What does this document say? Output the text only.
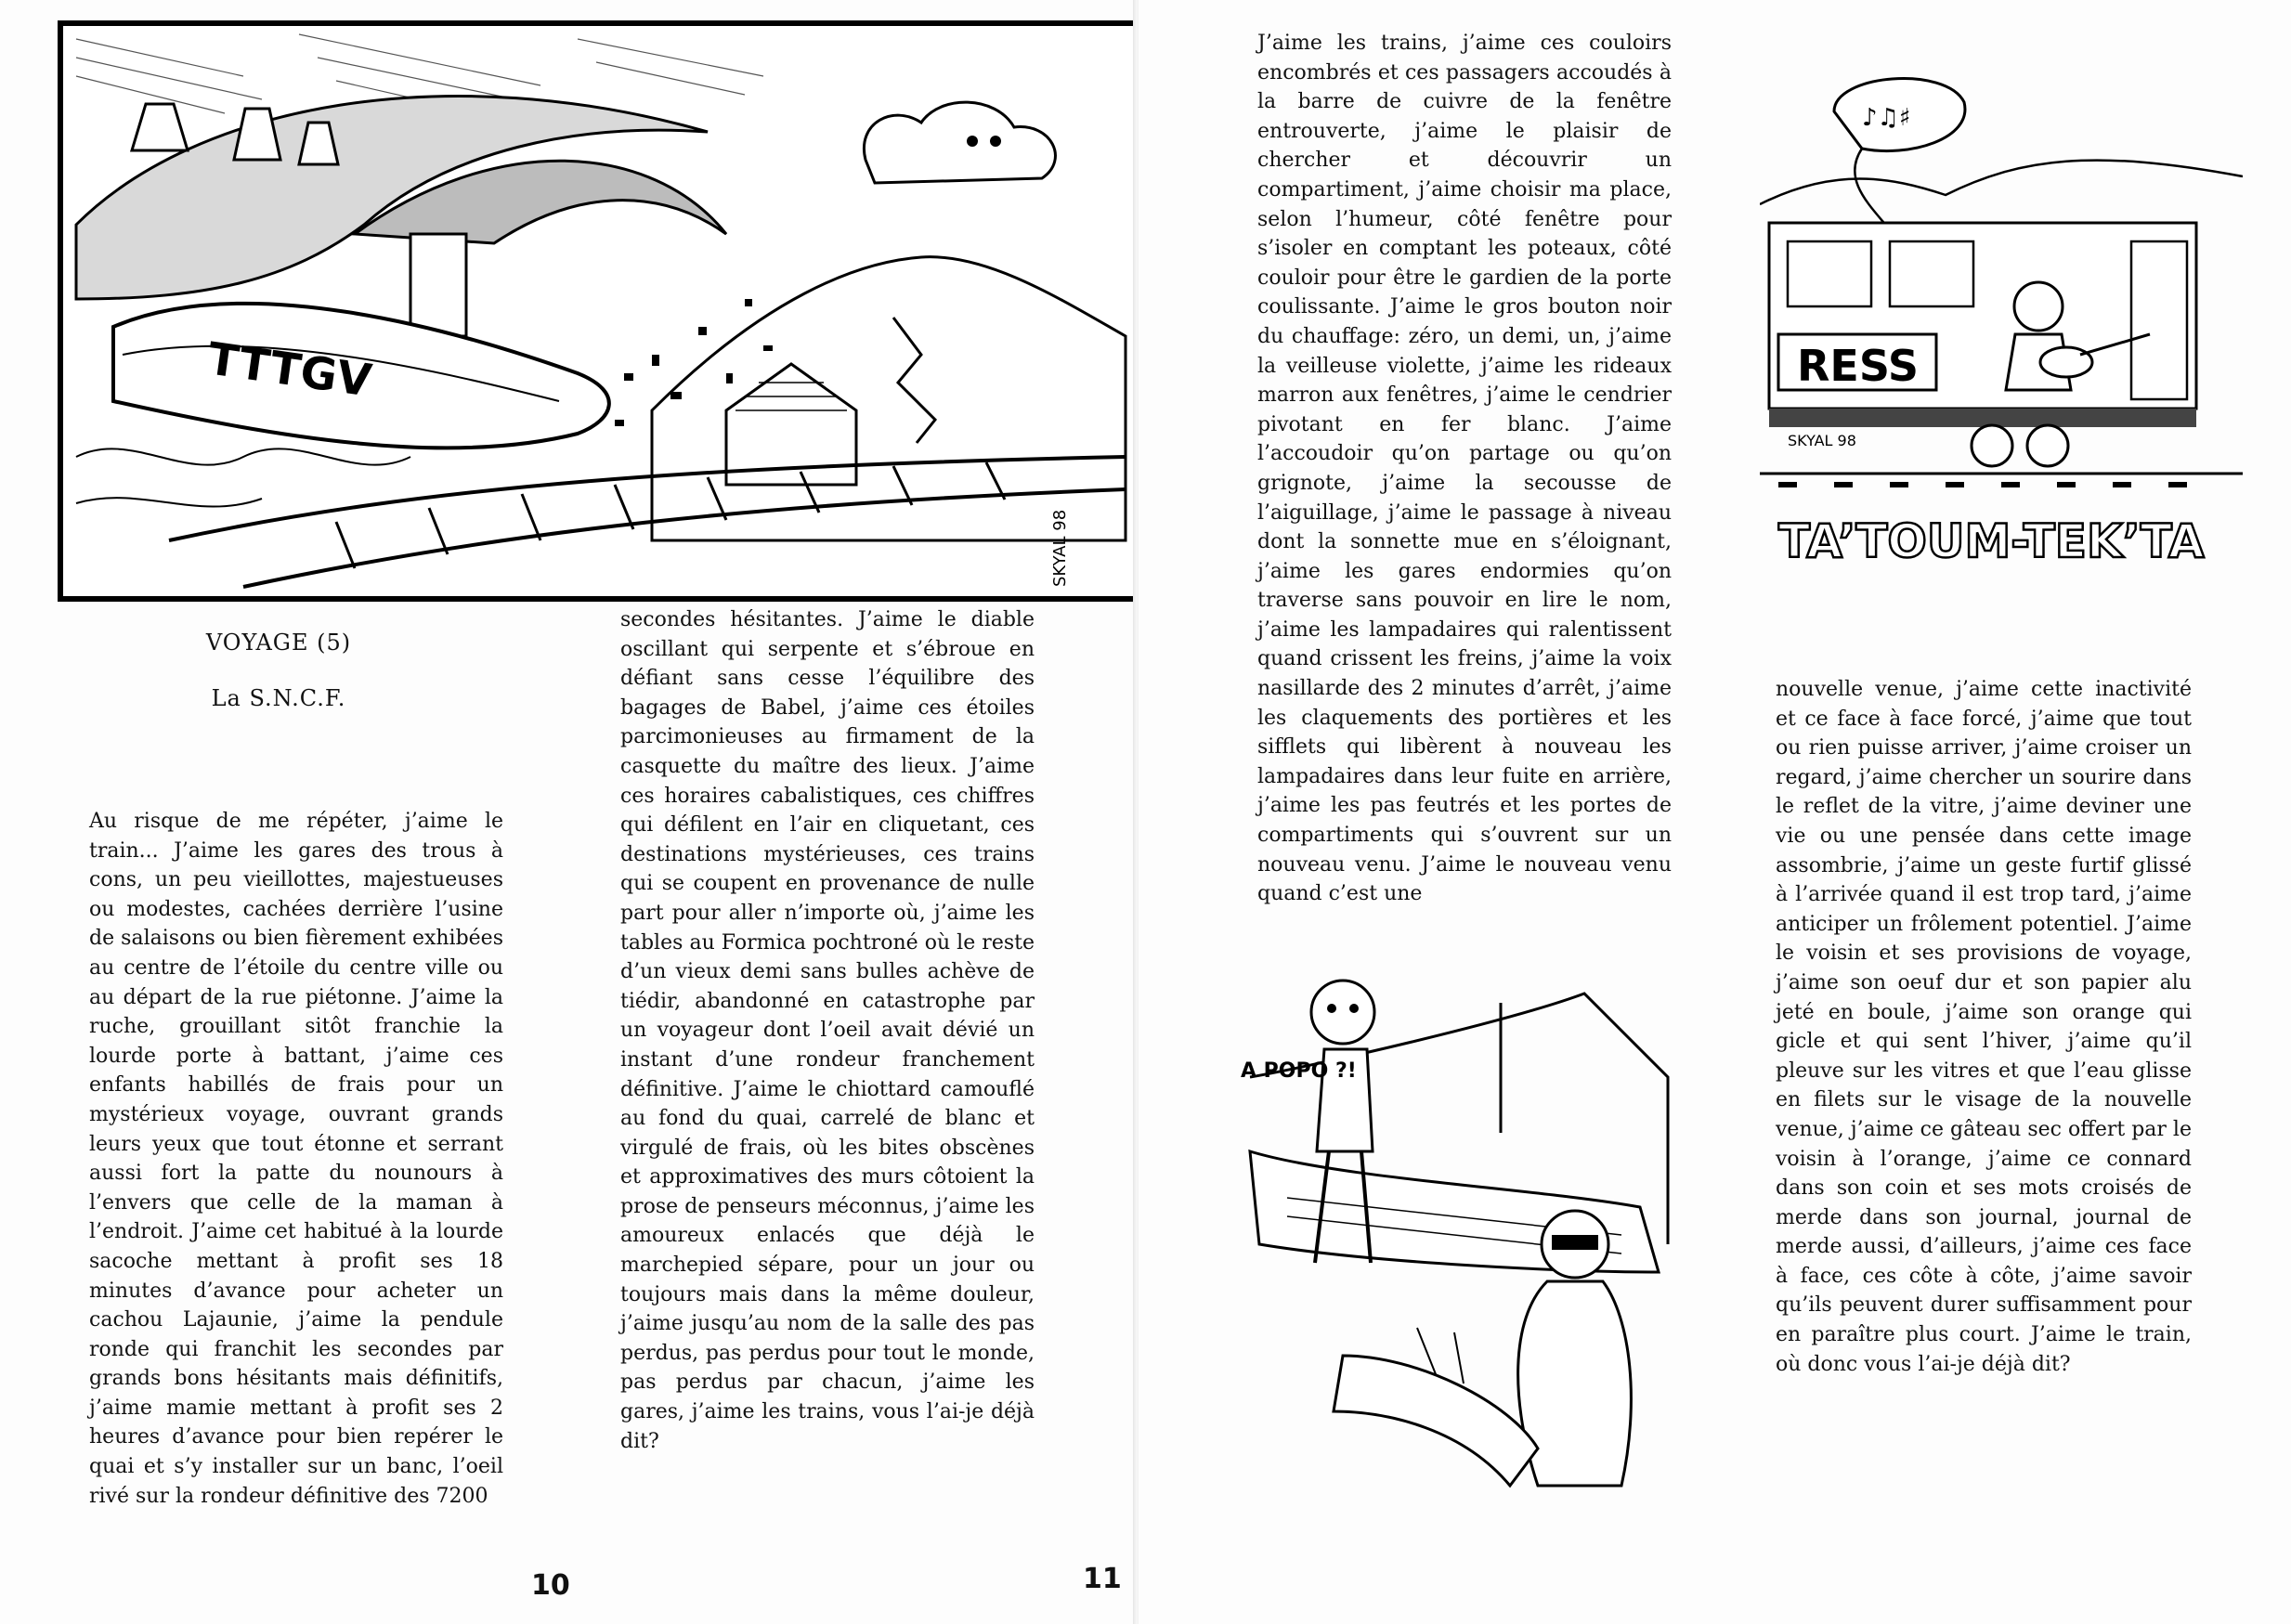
TTTGV
SKYAL 98
VOYAGE (5)
La S.N.C.F.

Au risque de me répéter, j’aime le train... J’aime les gares des trous à cons, un peu vieillottes, majestueuses ou modestes, cachées derrière l’usine de salaisons ou bien fièrement exhibées au centre de l’étoile du centre ville ou au départ de la rue piétonne. J’aime la ruche, grouillant sitôt franchie la lourde porte à battant, j’aime ces enfants habillés de frais pour un mystérieux voyage, ouvrant grands leurs yeux que tout étonne et serrant aussi fort la patte du nounours à l’envers que celle de la maman à l’endroit. J’aime cet habitué à la lourde sacoche mettant à profit ses 18 minutes d’avance pour acheter un cachou Lajaunie, j’aime la pendule ronde qui franchit les secondes par grands bons hésitants mais définitifs, j’aime mamie mettant à profit ses 2 heures d’avance pour bien repérer le quai et s’y installer sur un banc, l’oeil rivé sur la rondeur définitive des 7200

secondes hésitantes. J’aime le diable oscillant qui serpente et s’ébroue en défiant sans cesse l’équilibre des bagages de Babel, j’aime ces étoiles parcimonieuses au firmament de la casquette du maître des lieux. J’aime ces horaires cabalistiques, ces chiffres qui défilent en l’air en cliquetant, ces destinations mystérieuses, ces trains qui se coupent en provenance de nulle part pour aller n’importe où, j’aime les tables au Formica pochtroné où le reste d’un vieux demi sans bulles achève de tiédir, abandonné en catastrophe par un voyageur dont l’oeil avait dévié un instant d’une rondeur franchement définitive. J’aime le chiottard camouflé au fond du quai, carrelé de blanc et virgulé de frais, où les bites obscènes et approximatives des murs côtoient la prose de penseurs méconnus, j’aime les amoureux enlacés que déjà le marchepied sépare, pour un jour ou toujours mais dans la même douleur, j’aime jusqu’au nom de la salle des pas perdus, pas perdus pour tout le monde, pas perdus par chacun, j’aime les gares, j’aime les trains, vous l’ai-je déjà dit?

10

J’aime les trains, j’aime ces couloirs encombrés et ces passagers accoudés à la barre de cuivre de la fenêtre entrouverte, j’aime le plaisir de chercher et découvrir un compartiment, j’aime choisir ma place, selon l’humeur, côté fenêtre pour s’isoler en comptant les poteaux, côté couloir pour être le gardien de la porte coulissante. J’aime le gros bouton noir du chauffage: zéro, un demi, un, j’aime la veilleuse violette, j’aime les rideaux marron aux fenêtres, j’aime le cendrier pivotant en fer blanc. J’aime l’accoudoir qu’on partage ou qu’on grignote, j’aime la secousse de l’aiguillage, j’aime le passage à niveau dont la sonnette mue en s’éloignant, j’aime les gares endormies qu’on traverse sans pouvoir en lire le nom, j’aime les lampadaires qui ralentissent quand crissent les freins, j’aime la voix nasillarde des 2 minutes d’arrêt, j’aime les claquements des portières et les sifflets qui libèrent à nouveau les lampadaires dans leur fuite en arrière, j’aime les pas feutrés et les portes de compartiments qui s’ouvrent sur un nouveau venu. J’aime le nouveau venu quand c’est une

♪♫♯
RESS
SKYAL 98
TA’TOUM-TEK’TA

nouvelle venue, j’aime cette inactivité et ce face à face forcé, j’aime que tout ou rien puisse arriver, j’aime croiser un regard, j’aime chercher un sourire dans le reflet de la vitre, j’aime deviner une vie ou une pensée dans cette image assombrie, j’aime un geste furtif glissé à l’arrivée quand il est trop tard, j’aime anticiper un frôlement potentiel. J’aime le voisin et ses provisions de voyage, j’aime son oeuf dur et son papier alu jeté en boule, j’aime son orange qui gicle et qui sent l’hiver, j’aime qu’il pleuve sur les vitres et que l’eau glisse en filets sur le visage de la nouvelle venue, j’aime ce gâteau sec offert par le voisin à l’orange, j’aime ce connard dans son coin et ses mots croisés de merde dans son journal, journal de merde aussi, d’ailleurs, j’aime ces face à face, ces côte à côte, j’aime savoir qu’ils peuvent durer suffisamment pour en paraître plus court. J’aime le train, où donc vous l’ai-je déjà dit?

A POPO ?!
11
